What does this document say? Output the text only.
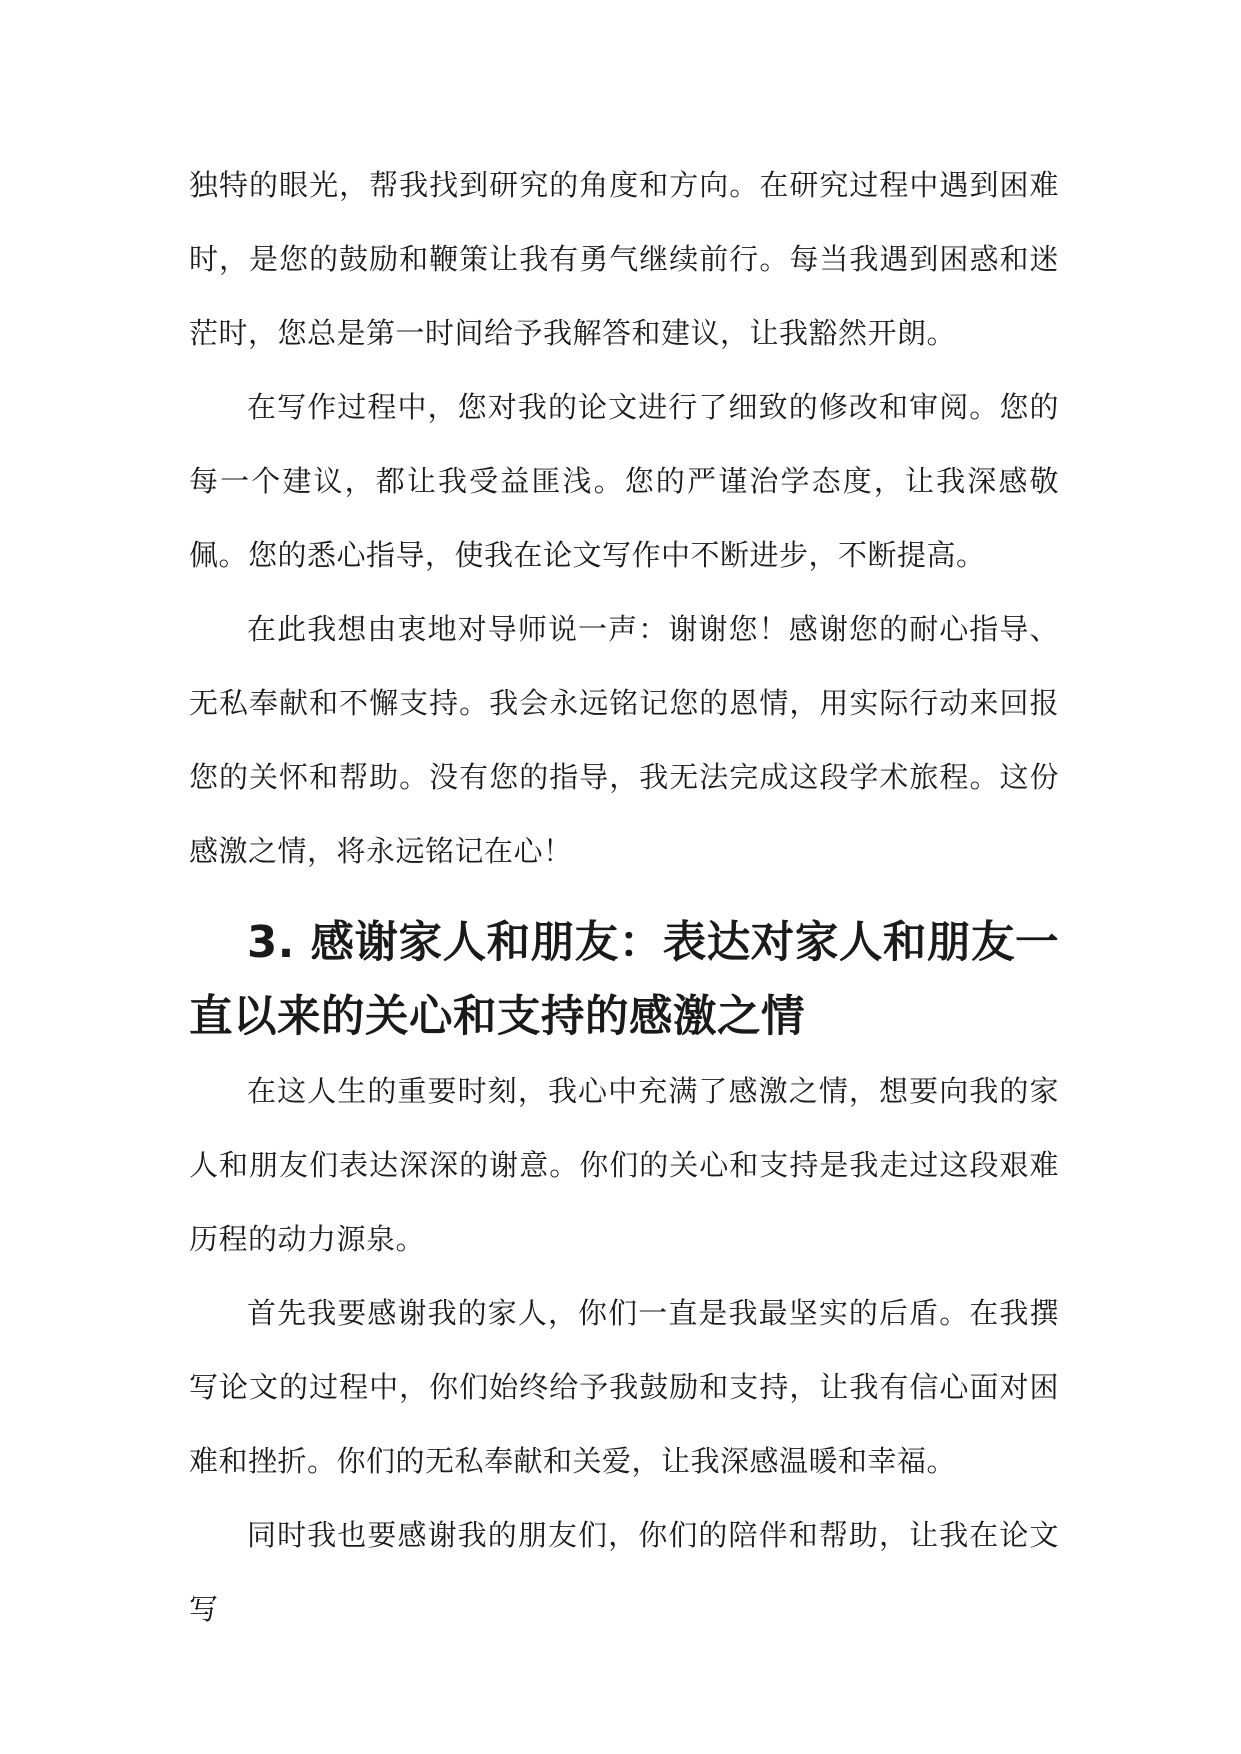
独特的眼光，帮我找到研究的角度和方向。在研究过程中遇到困难时，是您的鼓励和鞭策让我有勇气继续前行。每当我遇到困惑和迷茫时，您总是第一时间给予我解答和建议，让我豁然开朗。

在写作过程中，您对我的论文进行了细致的修改和审阅。您的每一个建议，都让我受益匪浅。您的严谨治学态度，让我深感敬佩。您的悉心指导，使我在论文写作中不断进步，不断提高。

在此我想由衷地对导师说一声：谢谢您！感谢您的耐心指导、无私奉献和不懈支持。我会永远铭记您的恩情，用实际行动来回报您的关怀和帮助。没有您的指导，我无法完成这段学术旅程。这份感激之情，将永远铭记在心！

3. 感谢家人和朋友：表达对家人和朋友一直以来的关心和支持的感激之情

在这人生的重要时刻，我心中充满了感激之情，想要向我的家人和朋友们表达深深的谢意。你们的关心和支持是我走过这段艰难历程的动力源泉。

首先我要感谢我的家人，你们一直是我最坚实的后盾。在我撰写论文的过程中，你们始终给予我鼓励和支持，让我有信心面对困难和挫折。你们的无私奉献和关爱，让我深感温暖和幸福。

同时我也要感谢我的朋友们，你们的陪伴和帮助，让我在论文写
